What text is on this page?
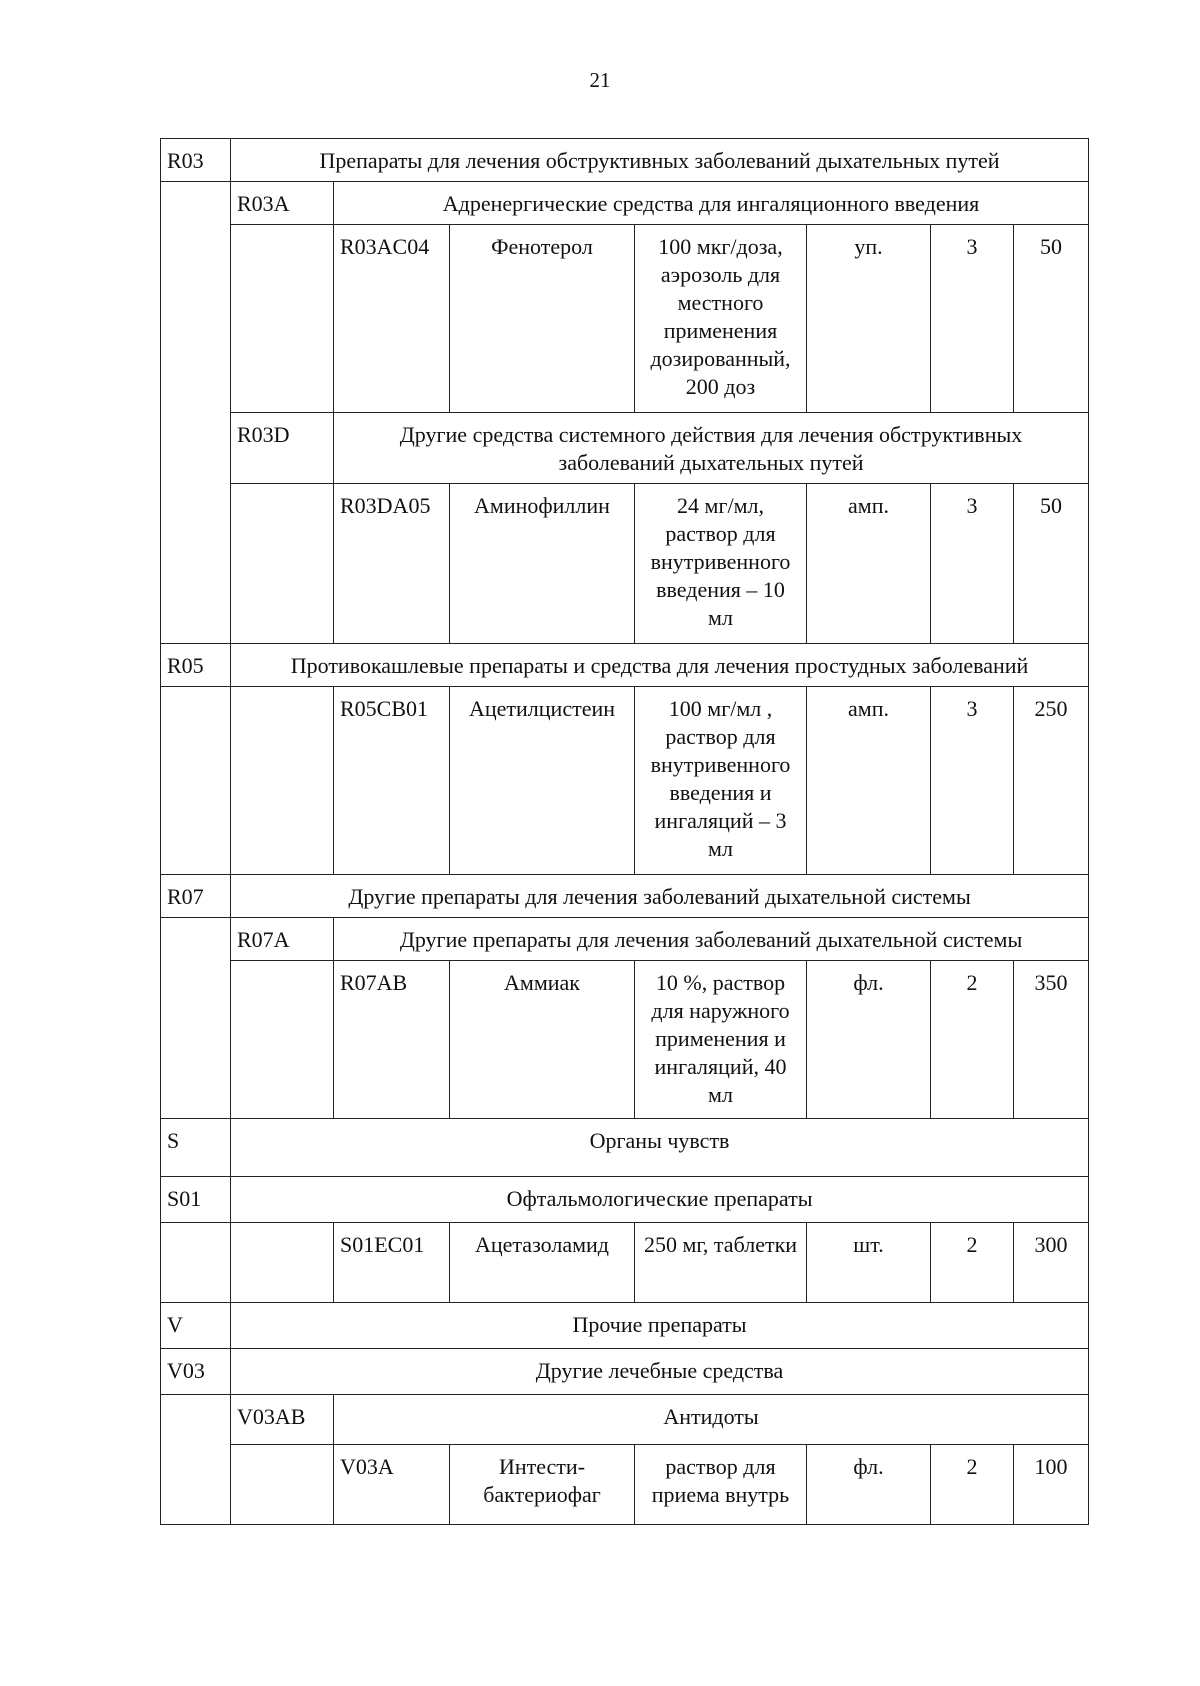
21
R03	Препараты для лечения обструктивных заболеваний дыхательных путей						
	R03A	Адренергические средства для ингаляционного введения					
		R03AC04	Фенотерол	100 мкг/доза, аэрозоль для местного применения дозированный, 200 доз	уп.	3	50
	R03D	Другие средства системного действия для лечения обструктивных заболеваний дыхательных путей					
		R03DA05	Аминофиллин	24 мг/мл, раствор для внутривенного введения – 10 мл	амп.	3	50
R05	Противокашлевые препараты и средства для лечения простудных заболеваний						
		R05CB01	Ацетилцистеин	100 мг/мл , раствор для внутривенного введения и ингаляций – 3 мл	амп.	3	250
R07	Другие препараты для лечения заболеваний дыхательной системы						
	R07A	Другие препараты для лечения заболеваний дыхательной системы					
		R07AB	Аммиак	10 %, раствор для наружного применения и ингаляций, 40 мл	фл.	2	350
S	Органы чувств						
S01	Офтальмологические препараты						
		S01EC01	Ацетазоламид	250 мг, таблетки	шт.	2	300
V	Прочие препараты						
V03	Другие лечебные средства						
	V03AB	Антидоты					
		V03A	Интести-бактериофаг	раствор для приема внутрь	фл.	2	100
